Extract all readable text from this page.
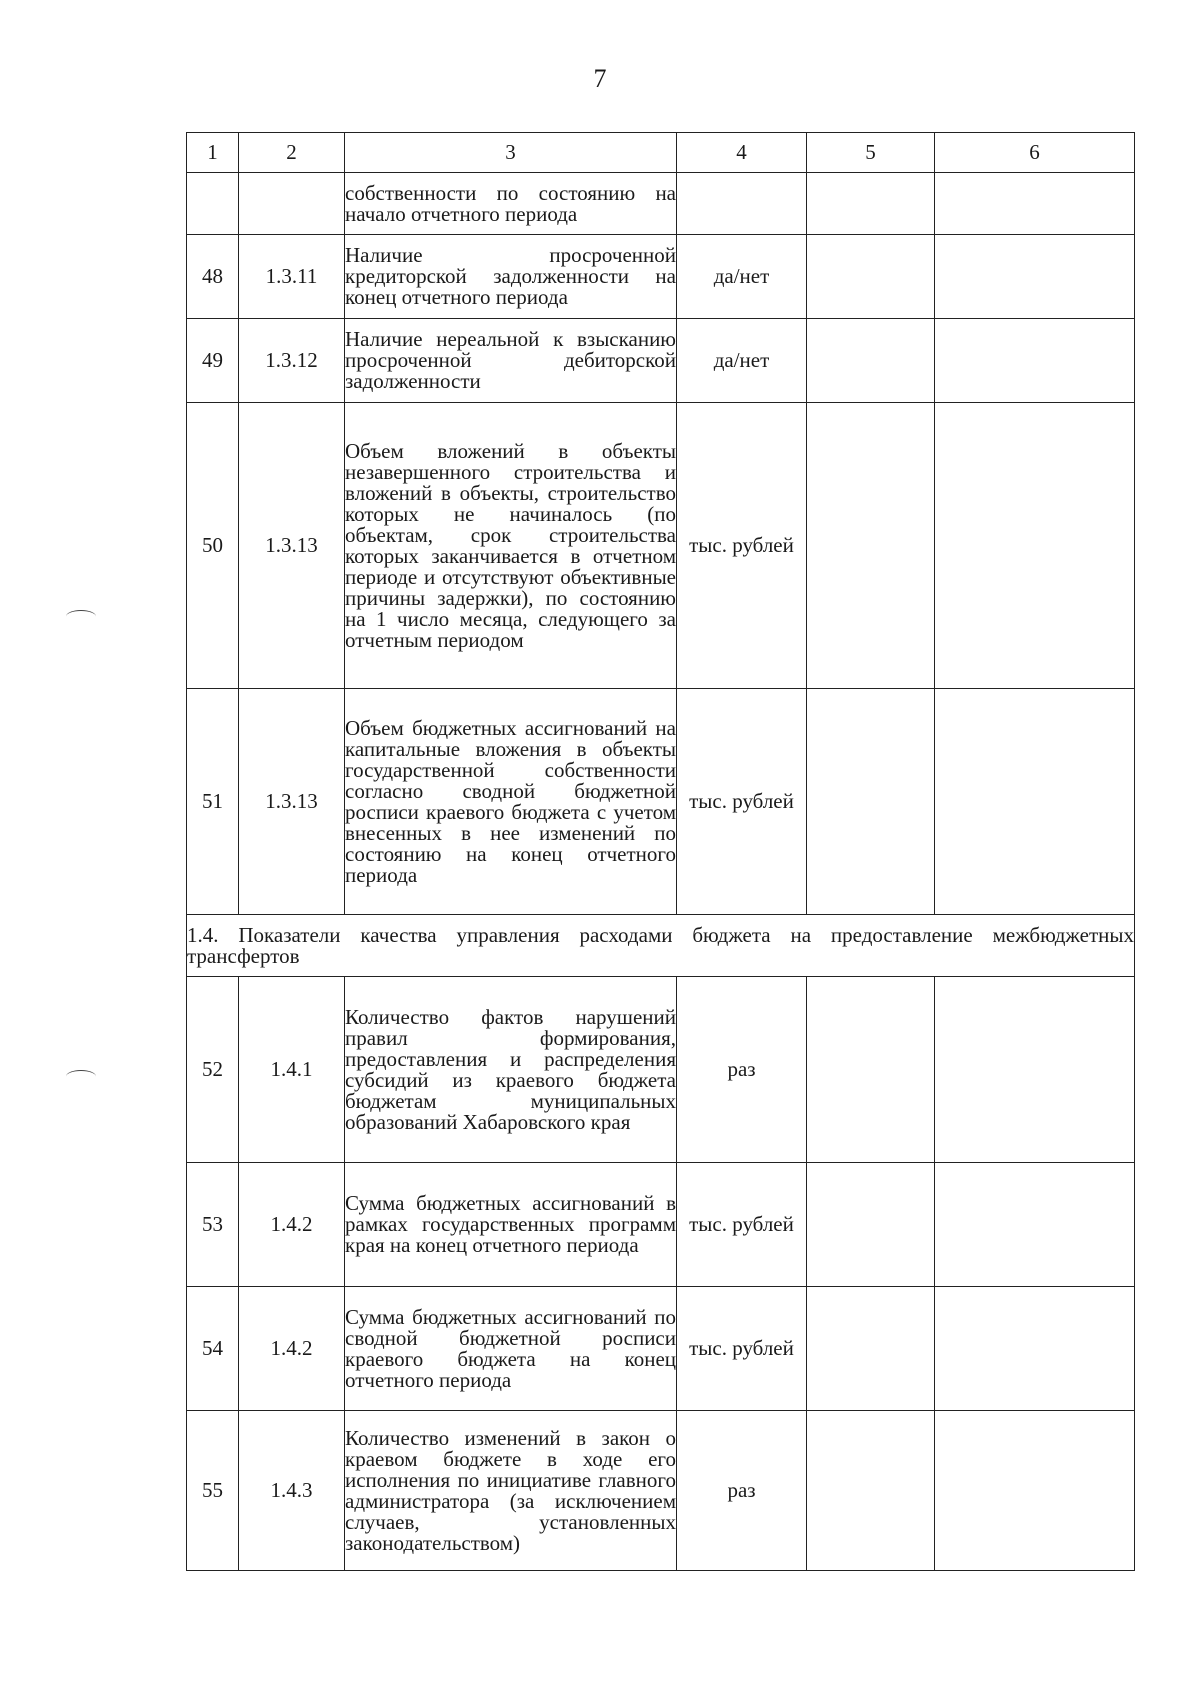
7
1	2	3	4	5	6
		собственности по состоянию на начало отчетного периода			
48	1.3.11	Наличие просроченной кредиторской задолженности на конец отчетного периода	да/нет		
49	1.3.12	Наличие нереальной к взысканию просроченной дебиторской задолженности	да/нет		
50	1.3.13	Объем вложений в объекты незавершенного строительства и вложений в объекты, строительство которых не начиналось (по объектам, срок строительства которых заканчивается в отчетном периоде и отсутствуют объективные причины задержки), по состоянию на 1 число месяца, следующего за отчетным периодом	тыс. рублей		
51	1.3.13	Объем бюджетных ассигнований на капитальные вложения в объекты государственной собственности согласно сводной бюджетной росписи краевого бюджета с учетом внесенных в нее изменений по состоянию на конец отчетного периода	тыс. рублей		
1.4. Показатели качества управления расходами бюджета на предоставление межбюджетных трансфертов					
52	1.4.1	Количество фактов нарушений правил формирования, предоставления и распределения субсидий из краевого бюджета бюджетам муниципальных образований Хабаровского края	раз		
53	1.4.2	Сумма бюджетных ассигнований в рамках государственных программ края на конец отчетного периода	тыс. рублей		
54	1.4.2	Сумма бюджетных ассигнований по сводной бюджетной росписи краевого бюджета на конец отчетного периода	тыс. рублей		
55	1.4.3	Количество изменений в закон о краевом бюджете в ходе его исполнения по инициативе главного администратора (за исключением случаев, установленных законодательством)	раз		
